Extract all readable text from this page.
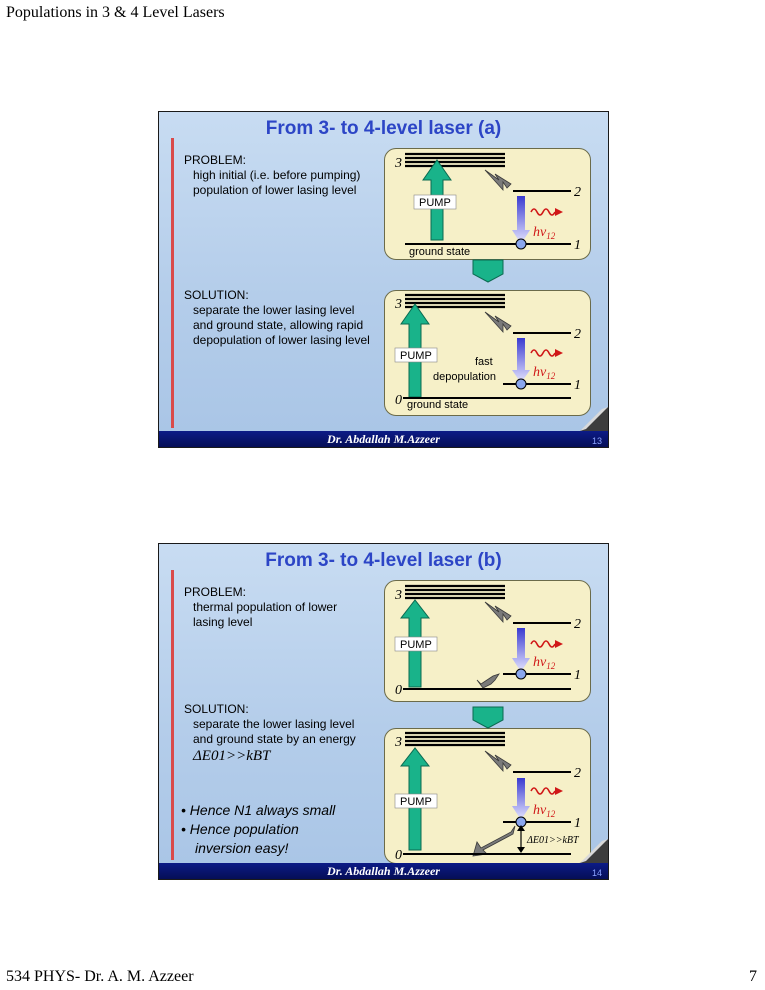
Populations in 3 & 4 Level Lasers
From 3- to 4-level laser (a)
PROBLEM:
high initial (i.e. before pumping)
population of lower lasing level
SOLUTION:
separate the lower lasing level
and ground state, allowing rapid
depopulation of lower lasing level
3
PUMP
2
$h\nu_{12}$
1
ground state
3
PUMP
2
$h\nu_{12}$
fast
depopulation
1
0 ground state
Dr. Abdallah M.Azzeer	13
From 3- to 4-level laser (b)
PROBLEM:
thermal population of lower
lasing level
SOLUTION:
separate the lower lasing level
and ground state by an energy
ΔE01>>kBT
• Hence N1 always small
• Hence population
inversion easy!
3
PUMP
2
$h\nu_{12}$
1
0
3
PUMP
2
$h\nu_{12}$
1
ΔE01>>kBT
0
Dr. Abdallah M.Azzeer	14
534 PHYS- Dr. A. M. Azzeer	7
